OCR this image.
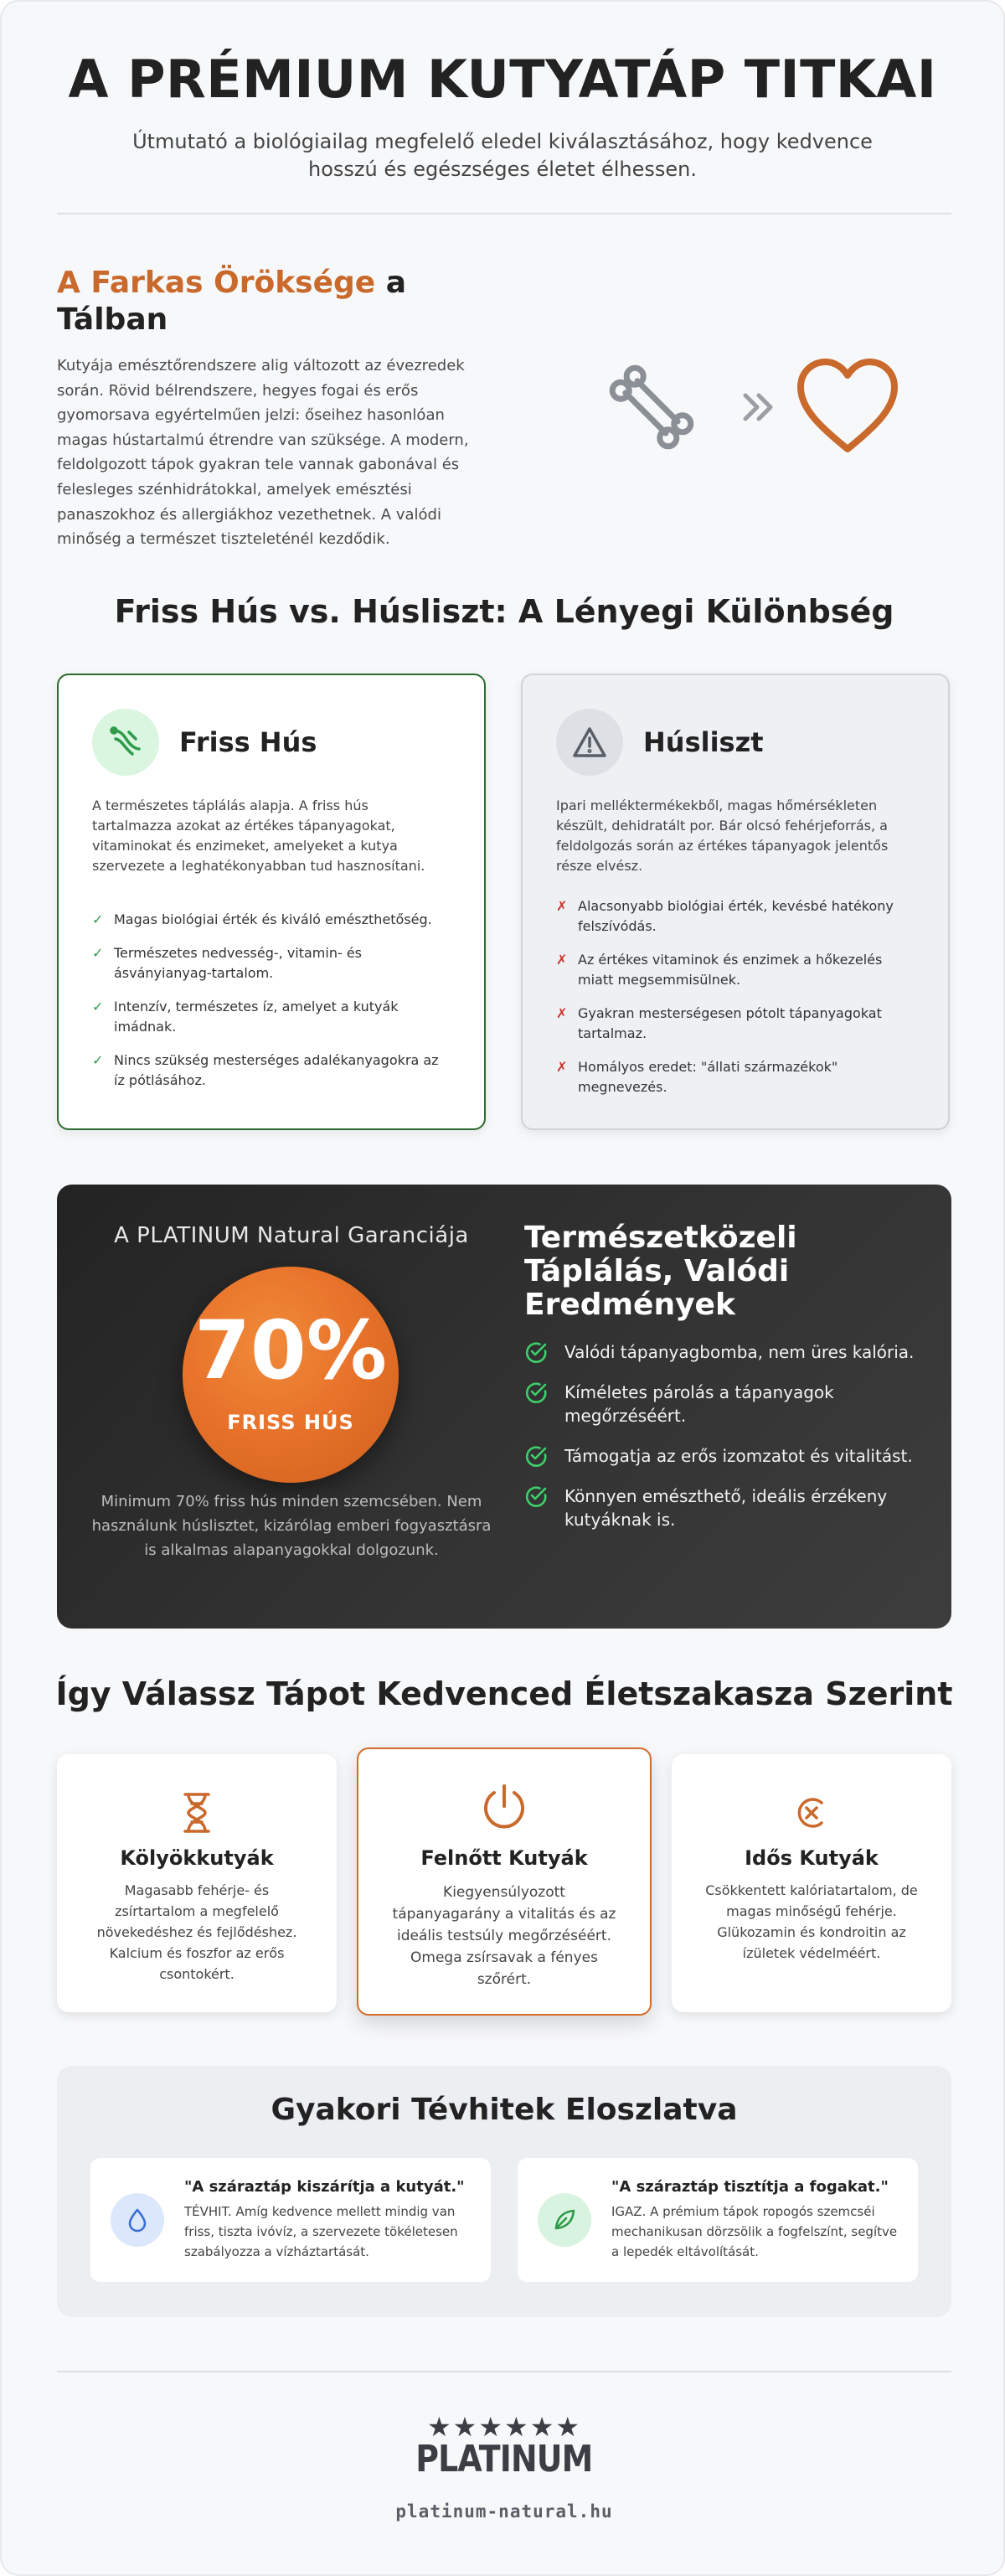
A PRÉMIUM KUTYATÁP TITKAI

Útmutató a biológiailag megfelelő eledel kiválasztásához, hogy kedvence hosszú és egészséges életet élhessen.

A Farkas Öröksége a Tálban

Kutyája emésztőrendszere alig változott az évezredek során. Rövid bélrendszere, hegyes fogai és erős gyomorsava egyértelműen jelzi: őseihez hasonlóan magas hústartalmú étrendre van szüksége. A modern, feldolgozott tápok gyakran tele vannak gabonával és felesleges szénhidrátokkal, amelyek emésztési panaszokhoz és allergiákhoz vezethetnek. A valódi minőség a természet tiszteleténél kezdődik.

Friss Hús vs. Húsliszt: A Lényegi Különbség
Friss Hús

A természetes táplálás alapja. A friss hús tartalmazza azokat az értékes tápanyagokat, vitaminokat és enzimeket, amelyeket a kutya szervezete a leghatékonyabban tud hasznosítani.

✓ Magas biológiai érték és kiváló emészthetőség.
✓ Természetes nedvesség-, vitamin- és ásványianyag-tartalom.
✓ Intenzív, természetes íz, amelyet a kutyák imádnak.
✓ Nincs szükség mesterséges adalékanyagokra az íz pótlásához.
Húsliszt

Ipari melléktermékekből, magas hőmérsékleten készült, dehidratált por. Bár olcsó fehérjeforrás, a feldolgozás során az értékes tápanyagok jelentős része elvész.

✗ Alacsonyabb biológiai érték, kevésbé hatékony felszívódás.
✗ Az értékes vitaminok és enzimek a hőkezelés miatt megsemmisülnek.
✗ Gyakran mesterségesen pótolt tápanyagokat tartalmaz.
✗ Homályos eredet: "állati származékok" megnevezés.
A PLATINUM Natural Garanciája
70%
FRISS HÚS
Minimum 70% friss hús minden szemcsében. Nem használunk húslisztet, kizárólag emberi fogyasztásra is alkalmas alapanyagokkal dolgozunk.
Természetközeli Táplálás, Valódi Eredmények
Valódi tápanyagbomba, nem üres kalória.
Kíméletes párolás a tápanyagok megőrzéséért.
Támogatja az erős izomzatot és vitalitást.
Könnyen emészthető, ideális érzékeny kutyáknak is.
Így Válassz Tápot Kedvenced Életszakasza Szerint
Kölyökkutyák
Magasabb fehérje- és zsírtartalom a megfelelő növekedéshez és fejlődéshez. Kalcium és foszfor az erős csontokért.
Felnőtt Kutyák
Kiegyensúlyozott tápanyagarány a vitalitás és az ideális testsúly megőrzéséért. Omega zsírsavak a fényes szőrért.
Idős Kutyák
Csökkentett kalóriatartalom, de magas minőségű fehérje. Glükozamin és kondroitin az ízületek védelméért.
Gyakori Tévhitek Eloszlatva
"A száraztáp kiszárítja a kutyát."
TÉVHIT. Amíg kedvence mellett mindig van friss, tiszta ivóvíz, a szervezete tökéletesen szabályozza a vízháztartását.
"A száraztáp tisztítja a fogakat."
IGAZ. A prémium tápok ropogós szemcséi mechanikusan dörzsölik a fogfelszínt, segítve a lepedék eltávolítását.
★★★★★★
PLATINUM
platinum-natural.hu
